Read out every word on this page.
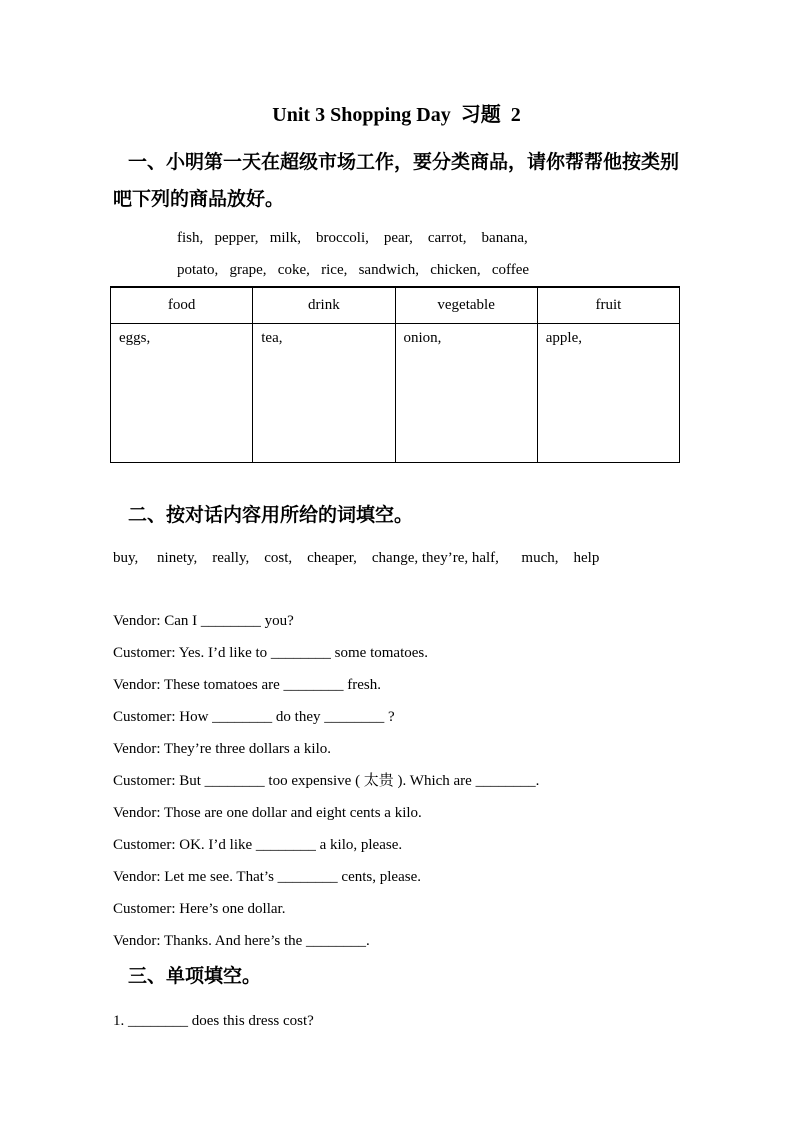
Unit 3 Shopping Day  习题  2
一、小明第一天在超级市场工作，要分类商品，请你帮帮他按类别
吧下列的商品放好。
fish,   pepper,   milk,    broccoli,    pear,    carrot,    banana,
potato,   grape,   coke,   rice,   sandwich,   chicken,   coffee
food	drink	vegetable	fruit
eggs,	tea,	onion,	apple,
二、按对话内容用所给的词填空。
buy,     ninety,    really,    cost,    cheaper,    change, they’re, half,      much,    help
Vendor: Can I ________ you?
Customer: Yes. I’d like to ________ some tomatoes.
Vendor: These tomatoes are ________ fresh.
Customer: How ________ do they ________ ?
Vendor: They’re three dollars a kilo.
Customer: But ________ too expensive ( 太贵 ). Which are ________.
Vendor: Those are one dollar and eight cents a kilo.
Customer: OK. I’d like ________ a kilo, please.
Vendor: Let me see. That’s ________ cents, please.
Customer: Here’s one dollar.
Vendor: Thanks. And here’s the ________.
三、单项填空。
1. ________ does this dress cost?
